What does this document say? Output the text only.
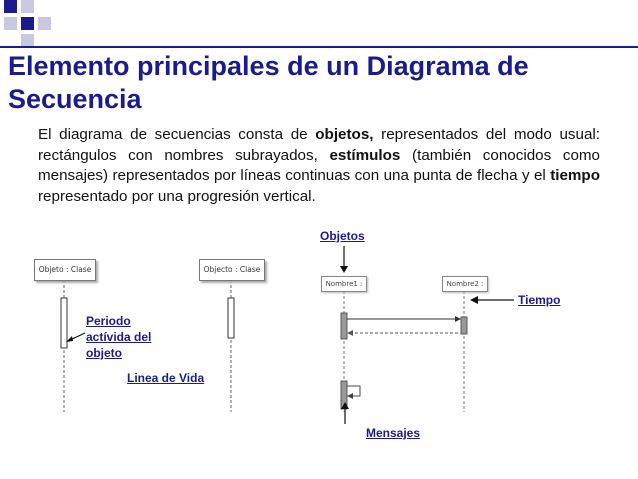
Elemento principales de un Diagrama de Secuencia
El diagrama de secuencias consta de objetos, representados del modo usual: rectángulos con nombres subrayados, estímulos (también conocidos como mensajes) representados por líneas continuas con una punta de flecha y el tiempo representado por una progresión vertical.
Objeto : Clase	Objecto : Clase
Periodo actívida del objeto
Linea de Vida
Objetos
Nombre1 :	Nombre2 :
Tiempo
Mensajes
